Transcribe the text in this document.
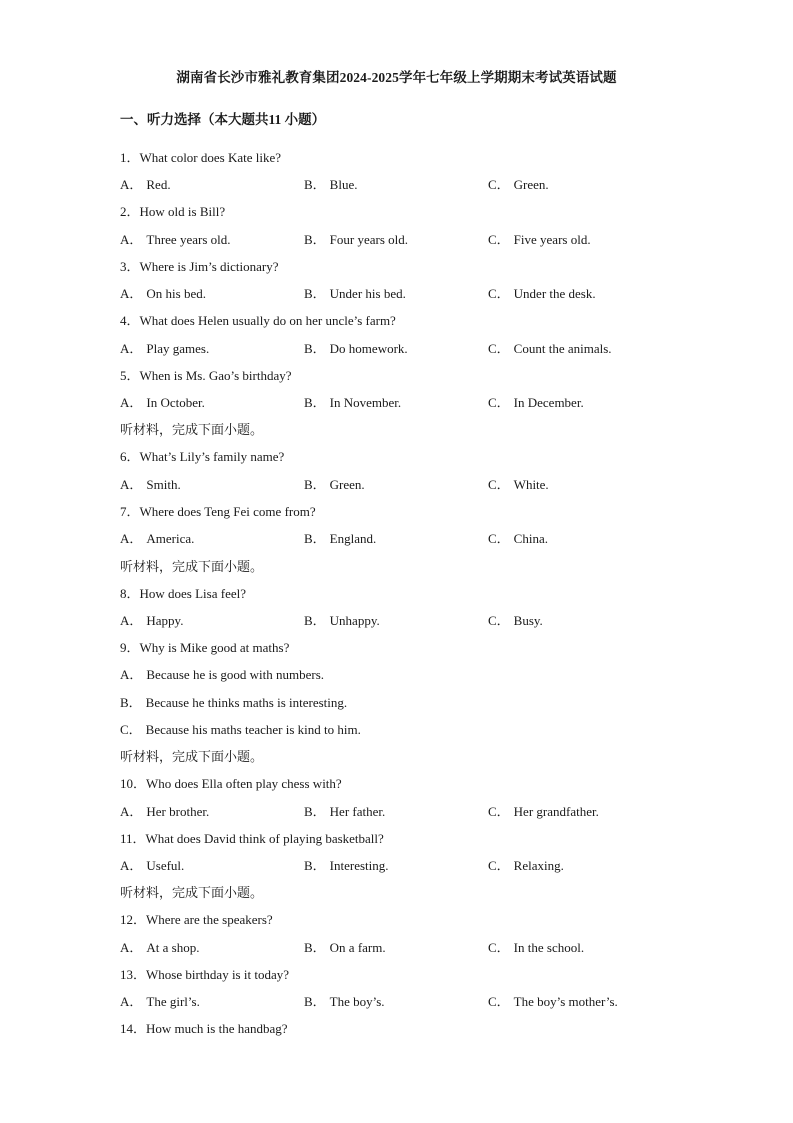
湖南省长沙市雅礼教育集团2024-2025学年七年级上学期期末考试英语试题
一、听力选择（本大题共11 小题）
1．What color does Kate like?
A． Red.	B． Blue.	C． Green.
2．How old is Bill?
A． Three years old.	B． Four years old.	C． Five years old.
3．Where is Jim’s dictionary?
A． On his bed.	B． Under his bed.	C． Under the desk.
4．What does Helen usually do on her uncle’s farm?
A． Play games.	B． Do homework.	C． Count the animals.
5．When is Ms. Gao’s birthday?
A． In October.	B． In November.	C． In December.
听材料，完成下面小题。
6．What’s Lily’s family name?
A． Smith.	B． Green.	C． White.
7．Where does Teng Fei come from?
A． America.	B． England.	C． China.
听材料，完成下面小题。
8．How does Lisa feel?
A． Happy.	B． Unhappy.	C． Busy.
9．Why is Mike good at maths?
A． Because he is good with numbers.
B． Because he thinks maths is interesting.
C． Because his maths teacher is kind to him.
听材料，完成下面小题。
10．Who does Ella often play chess with?
A． Her brother.	B． Her father.	C． Her grandfather.
11．What does David think of playing basketball?
A． Useful.	B． Interesting.	C． Relaxing.
听材料，完成下面小题。
12．Where are the speakers?
A． At a shop.	B． On a farm.	C． In the school.
13．Whose birthday is it today?
A． The girl’s.	B． The boy’s.	C． The boy’s mother’s.
14．How much is the handbag?
